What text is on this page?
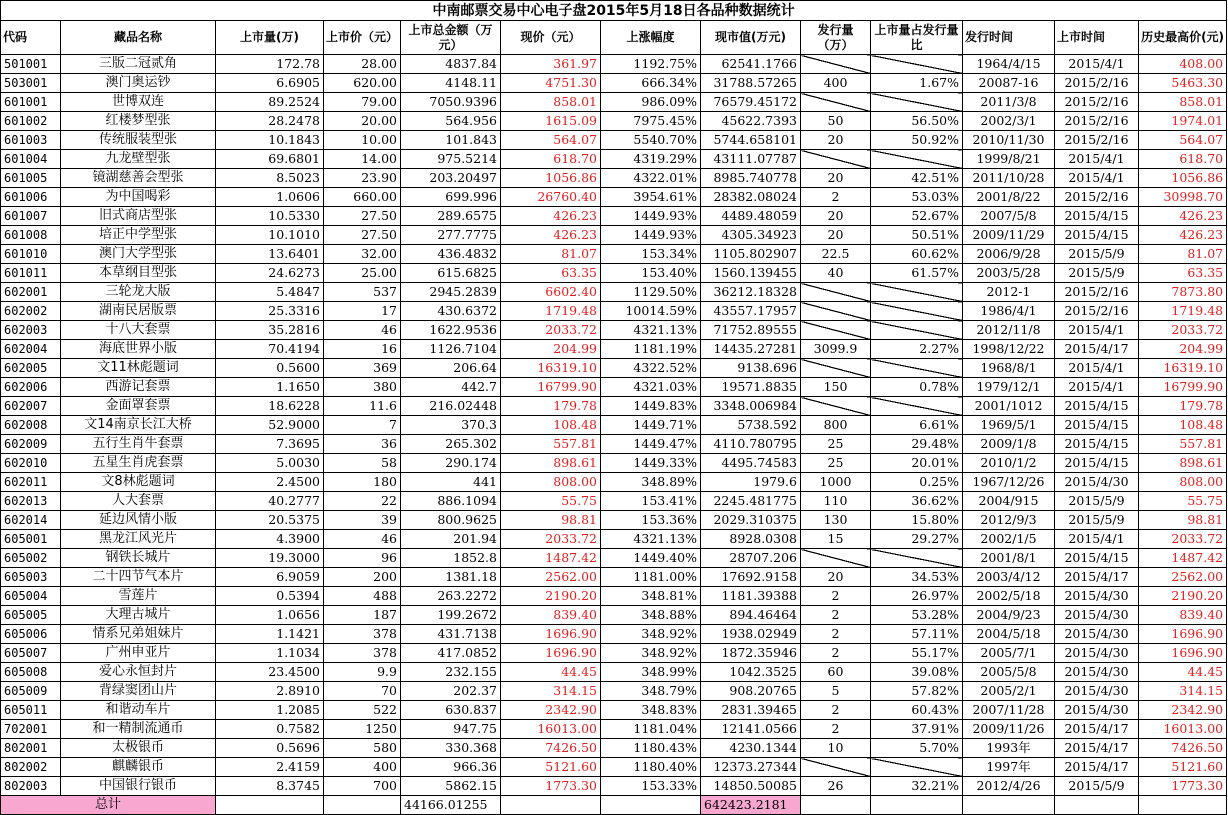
中南邮票交易中心电子盘2015年5月18日各品种数据统计												
代码	藏品名称	上市量(万)	上市价（元）	上市总金额（万元）	现价（元）	上涨幅度	现市值(万元)	发行量（万）	上市量占发行量比	发行时间	上市时间	历史最高价(元)
501001	三版二冠贰角	172.78	28.00	4837.84	361.97	1192.75%	62541.1766			1964/4/15	2015/4/1	408.00
503001	澳门奥运钞	6.6905	620.00	4148.11	4751.30	666.34%	31788.57265	400	1.67%	20087-16	2015/2/16	5463.30
601001	世博双连	89.2524	79.00	7050.9396	858.01	986.09%	76579.45172			2011/3/8	2015/2/16	858.01
601002	红楼梦型张	28.2478	20.00	564.956	1615.09	7975.45%	45622.7393	50	56.50%	2002/3/1	2015/2/16	1974.01
601003	传统服装型张	10.1843	10.00	101.843	564.07	5540.70%	5744.658101	20	50.92%	2010/11/30	2015/2/16	564.07
601004	九龙壁型张	69.6801	14.00	975.5214	618.70	4319.29%	43111.07787			1999/8/21	2015/4/1	618.70
601005	镜湖慈善会型张	8.5023	23.90	203.20497	1056.86	4322.01%	8985.740778	20	42.51%	2011/10/28	2015/4/1	1056.86
601006	为中国喝彩	1.0606	660.00	699.996	26760.40	3954.61%	28382.08024	2	53.03%	2001/8/22	2015/2/16	30998.70
601007	旧式商店型张	10.5330	27.50	289.6575	426.23	1449.93%	4489.48059	20	52.67%	2007/5/8	2015/4/15	426.23
601008	培正中学型张	10.1010	27.50	277.7775	426.23	1449.93%	4305.34923	20	50.51%	2009/11/29	2015/4/15	426.23
601010	澳门大学型张	13.6401	32.00	436.4832	81.07	153.34%	1105.802907	22.5	60.62%	2006/9/28	2015/5/9	81.07
601011	本草纲目型张	24.6273	25.00	615.6825	63.35	153.40%	1560.139455	40	61.57%	2003/5/28	2015/5/9	63.35
602001	三轮龙大版	5.4847	537	2945.2839	6602.40	1129.50%	36212.18328			2012-1	2015/2/16	7873.80
602002	湖南民居版票	25.3316	17	430.6372	1719.48	10014.59%	43557.17957			1986/4/1	2015/2/16	1719.48
602003	十八大套票	35.2816	46	1622.9536	2033.72	4321.13%	71752.89555			2012/11/8	2015/4/1	2033.72
602004	海底世界小版	70.4194	16	1126.7104	204.99	1181.19%	14435.27281	3099.9	2.27%	1998/12/22	2015/4/17	204.99
602005	文11林彪题词	0.5600	369	206.64	16319.10	4322.52%	9138.696			1968/8/1	2015/4/1	16319.10
602006	西游记套票	1.1650	380	442.7	16799.90	4321.03%	19571.8835	150	0.78%	1979/12/1	2015/4/1	16799.90
602007	金面罩套票	18.6228	11.6	216.02448	179.78	1449.83%	3348.006984			2001/1012	2015/4/15	179.78
602008	文14南京长江大桥	52.9000	7	370.3	108.48	1449.71%	5738.592	800	6.61%	1969/5/1	2015/4/15	108.48
602009	五行生肖牛套票	7.3695	36	265.302	557.81	1449.47%	4110.780795	25	29.48%	2009/1/8	2015/4/15	557.81
602010	五星生肖虎套票	5.0030	58	290.174	898.61	1449.33%	4495.74583	25	20.01%	2010/1/2	2015/4/15	898.61
602011	文8林彪题词	2.4500	180	441	808.00	348.89%	1979.6	1000	0.25%	1967/12/26	2015/4/30	808.00
602013	人大套票	40.2777	22	886.1094	55.75	153.41%	2245.481775	110	36.62%	2004/915	2015/5/9	55.75
602014	延边风情小版	20.5375	39	800.9625	98.81	153.36%	2029.310375	130	15.80%	2012/9/3	2015/5/9	98.81
605001	黑龙江风光片	4.3900	46	201.94	2033.72	4321.13%	8928.0308	15	29.27%	2002/1/5	2015/4/1	2033.72
605002	钢铁长城片	19.3000	96	1852.8	1487.42	1449.40%	28707.206			2001/8/1	2015/4/15	1487.42
605003	二十四节气本片	6.9059	200	1381.18	2562.00	1181.00%	17692.9158	20	34.53%	2003/4/12	2015/4/17	2562.00
605004	雪莲片	0.5394	488	263.2272	2190.20	348.81%	1181.39388	2	26.97%	2002/5/18	2015/4/30	2190.20
605005	大理古城片	1.0656	187	199.2672	839.40	348.88%	894.46464	2	53.28%	2004/9/23	2015/4/30	839.40
605006	情系兄弟姐妹片	1.1421	378	431.7138	1696.90	348.92%	1938.02949	2	57.11%	2004/5/18	2015/4/30	1696.90
605007	广州申亚片	1.1034	378	417.0852	1696.90	348.92%	1872.35946	2	55.17%	2005/7/1	2015/4/30	1696.90
605008	爱心永恒封片	23.4500	9.9	232.155	44.45	348.99%	1042.3525	60	39.08%	2005/5/8	2015/4/30	44.45
605009	背绿窦团山片	2.8910	70	202.37	314.15	348.79%	908.20765	5	57.82%	2005/2/1	2015/4/30	314.15
605011	和谐动车片	1.2085	522	630.837	2342.90	348.83%	2831.39465	2	60.43%	2007/11/28	2015/4/30	2342.90
702001	和一精制流通币	0.7582	1250	947.75	16013.00	1181.04%	12141.0566	2	37.91%	2009/11/26	2015/4/17	16013.00
802001	太极银币	0.5696	580	330.368	7426.50	1180.43%	4230.1344	10	5.70%	1993年	2015/4/17	7426.50
802002	麒麟银币	2.4159	400	966.36	5121.60	1180.40%	12373.27344			1997年	2015/4/17	5121.60
802003	中国银行银币	8.3745	700	5862.15	1773.30	153.33%	14850.50085	26	32.21%	2012/4/26	2015/5/9	1773.30
总计				44166.01255			642423.2181					
